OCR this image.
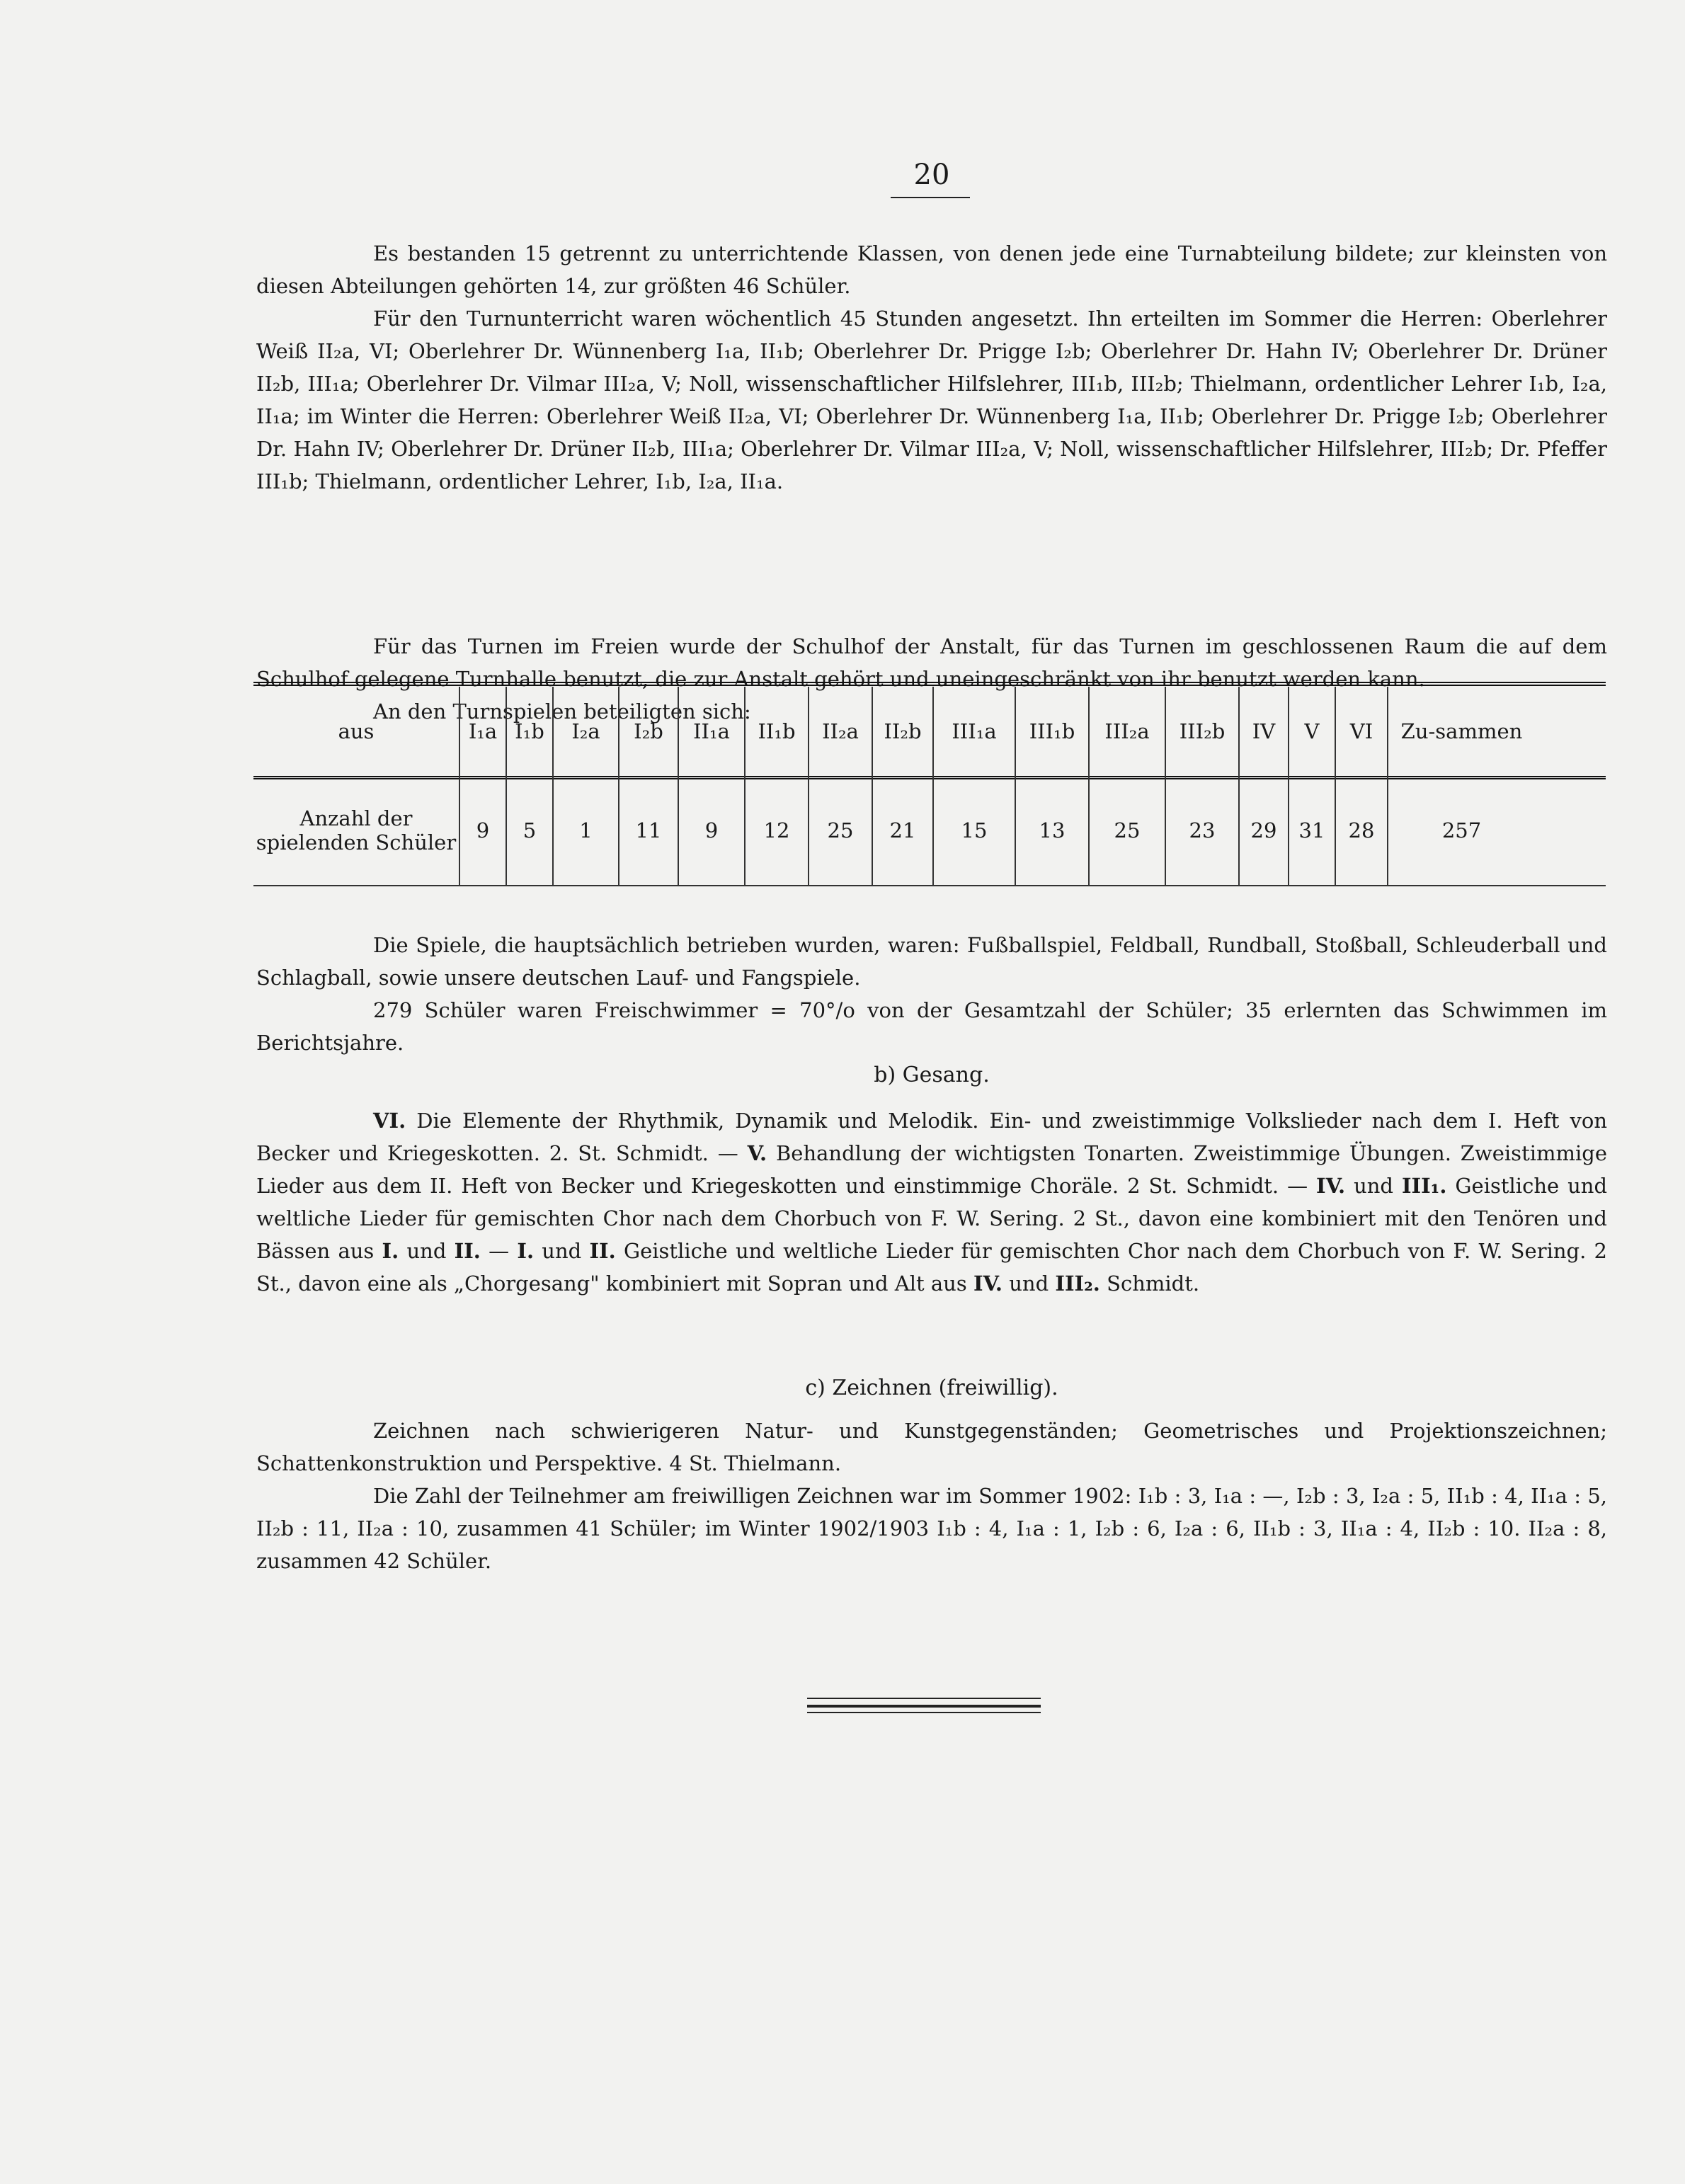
20

Es bestanden 15 getrennt zu unterrichtende Klassen, von denen jede eine Turnabteilung bildete; zur kleinsten von diesen Abteilungen gehörten 14, zur größten 46 Schüler.

Für den Turnunterricht waren wöchentlich 45 Stunden angesetzt. Ihn erteilten im Sommer die Herren: Oberlehrer Weiß II₂a, VI; Oberlehrer Dr. Wünnenberg I₁a, II₁b; Oberlehrer Dr. Prigge I₂b; Oberlehrer Dr. Hahn IV; Oberlehrer Dr. Drüner II₂b, III₁a; Oberlehrer Dr. Vilmar III₂a, V; Noll, wissenschaftlicher Hilfslehrer, III₁b, III₂b; Thielmann, ordentlicher Lehrer I₁b, I₂a, II₁a; im Winter die Herren: Oberlehrer Weiß II₂a, VI; Oberlehrer Dr. Wünnenberg I₁a, II₁b; Oberlehrer Dr. Prigge I₂b; Oberlehrer Dr. Hahn IV; Oberlehrer Dr. Drüner II₂b, III₁a; Oberlehrer Dr. Vilmar III₂a, V; Noll, wissenschaftlicher Hilfslehrer, III₂b; Dr. Pfeffer III₁b; Thielmann, ordentlicher Lehrer, I₁b, I₂a, II₁a.

Für das Turnen im Freien wurde der Schulhof der Anstalt, für das Turnen im geschlossenen Raum die auf dem Schulhof gelegene Turnhalle benutzt, die zur Anstalt gehört und uneingeschränkt von ihr benutzt werden kann.

An den Turnspielen beteiligten sich:

aus	I₁a I₁b	I₂a	I₂b	II₁a	II₁b	II₂a	II₂b	III₁a	III₁b	III₂a	III₂b	IV	V	VI	Zu-sammen
Anzahl der spielenden Schüler 9	5	1	11	9	12	25	21	15	13	25	23	29	31	28	257

Die Spiele, die hauptsächlich betrieben wurden, waren: Fußballspiel, Feldball, Rundball, Stoßball, Schleuderball und Schlagball, sowie unsere deutschen Lauf- und Fangspiele.

279 Schüler waren Freischwimmer = 70°/o von der Gesamtzahl der Schüler; 35 erlernten das Schwimmen im Berichtsjahre.

b) Gesang.

VI. Die Elemente der Rhythmik, Dynamik und Melodik. Ein- und zweistimmige Volkslieder nach dem I. Heft von Becker und Kriegeskotten. 2. St. Schmidt. — V. Behandlung der wichtigsten Tonarten. Zweistimmige Übungen. Zweistimmige Lieder aus dem II. Heft von Becker und Kriegeskotten und einstimmige Choräle. 2 St. Schmidt. — IV. und III₁. Geistliche und weltliche Lieder für gemischten Chor nach dem Chorbuch von F. W. Sering. 2 St., davon eine kombiniert mit den Tenören und Bässen aus I. und II. — I. und II. Geistliche und weltliche Lieder für gemischten Chor nach dem Chorbuch von F. W. Sering. 2 St., davon eine als „Chorgesang" kombiniert mit Sopran und Alt aus IV. und III₂. Schmidt.

c) Zeichnen (freiwillig).

Zeichnen nach schwierigeren Natur- und Kunstgegenständen; Geometrisches und Projektionszeichnen; Schattenkonstruktion und Perspektive. 4 St. Thielmann.

Die Zahl der Teilnehmer am freiwilligen Zeichnen war im Sommer 1902: I₁b : 3, I₁a : —, I₂b : 3, I₂a : 5, II₁b : 4, II₁a : 5, II₂b : 11, II₂a : 10, zusammen 41 Schüler; im Winter 1902/1903 I₁b : 4, I₁a : 1, I₂b : 6, I₂a : 6, II₁b : 3, II₁a : 4, II₂b : 10. II₂a : 8, zusammen 42 Schüler.
